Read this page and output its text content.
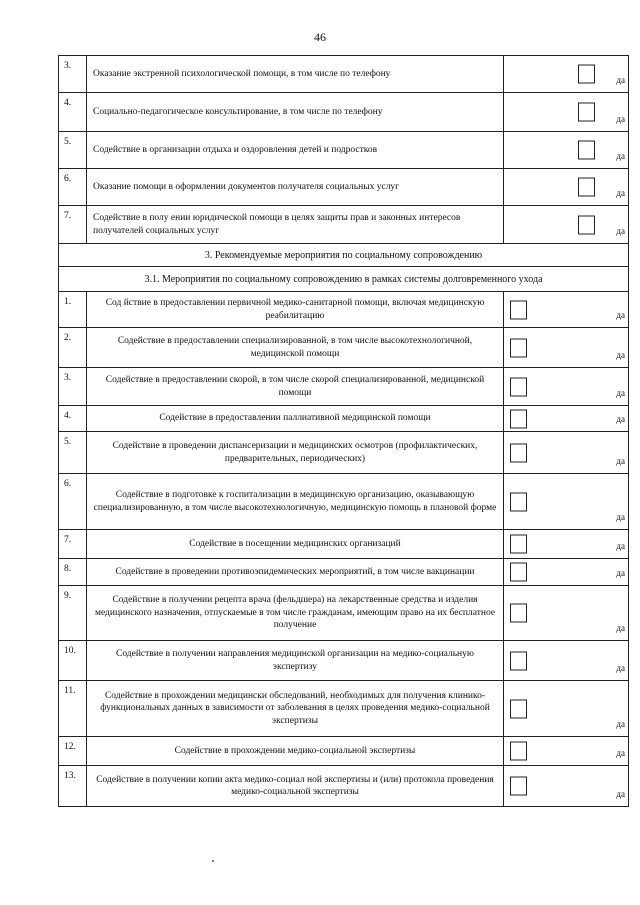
46
3.	Оказание экстренной психологической помощи, в том числе по телефону	да

4.	Социально-педагогическое консультирование, в том числе по телефону	да

5.	Содействие в организации отдыха и оздоровления детей и подростков	да

6.	Оказание помощи в оформлении документов получателя социальных услуг	да

7.	Содействие в полу ении юридической помощи в целях защиты прав и законных интересов получателей социальных услуг	да

3. Рекомендуемые мероприятия по социальному сопровождению		
3.1. Мероприятия по социальному сопровождению в рамках системы долговременного ухода		
1.	Сод йствие в предоставлении первичной медико-санитарной помощи, включая медицинскую реабилитацию	да

2.	Содействие в предоставлении специализированной, в том числе высокотехнологичной, медицинской помощи	да

3.	Содействие в предоставлении скорой, в том числе скорой специализированной, медицинской помощи	да

4.	Содействие в предоставлении паллиативной медицинской помощи	да

5.	Содействие в проведении диспансеризации и медицинских осмотров (профилактических, предварительных, периодических)	да

6.	Содействие в подготовке к госпитализации в медицинскую организацию, оказывающую специализированную, в том числе высокотехнологичную, медицинскую помощь в плановой форме	да

7.	Содействие в посещении медицинских организаций	да

8.	Содействие в проведении противоэпидемических мероприятий, в том числе вакцинации	да

9.	Содействие в получении рецепта врача (фельдшера) на лекарственные средства и изделия медицинского назначения, отпускаемые в том числе гражданам, имеющим право на их бесплатное получение	да

10.	Содействие в получении направления медицинской организации на медико-социальную экспертизу	да

11.	Содействие в прохождении медицински обследований, необходимых для получения клинико-функциональных данных в зависимости от заболевания в целях проведения медико-социальной экспертизы	да

12.	Содействие в прохождении медико-социальной экспертизы	да

13.	Содействие в получении копии акта медико-социал ной экспертизы и (или) протокола проведения медико-социальной экспертизы	да
